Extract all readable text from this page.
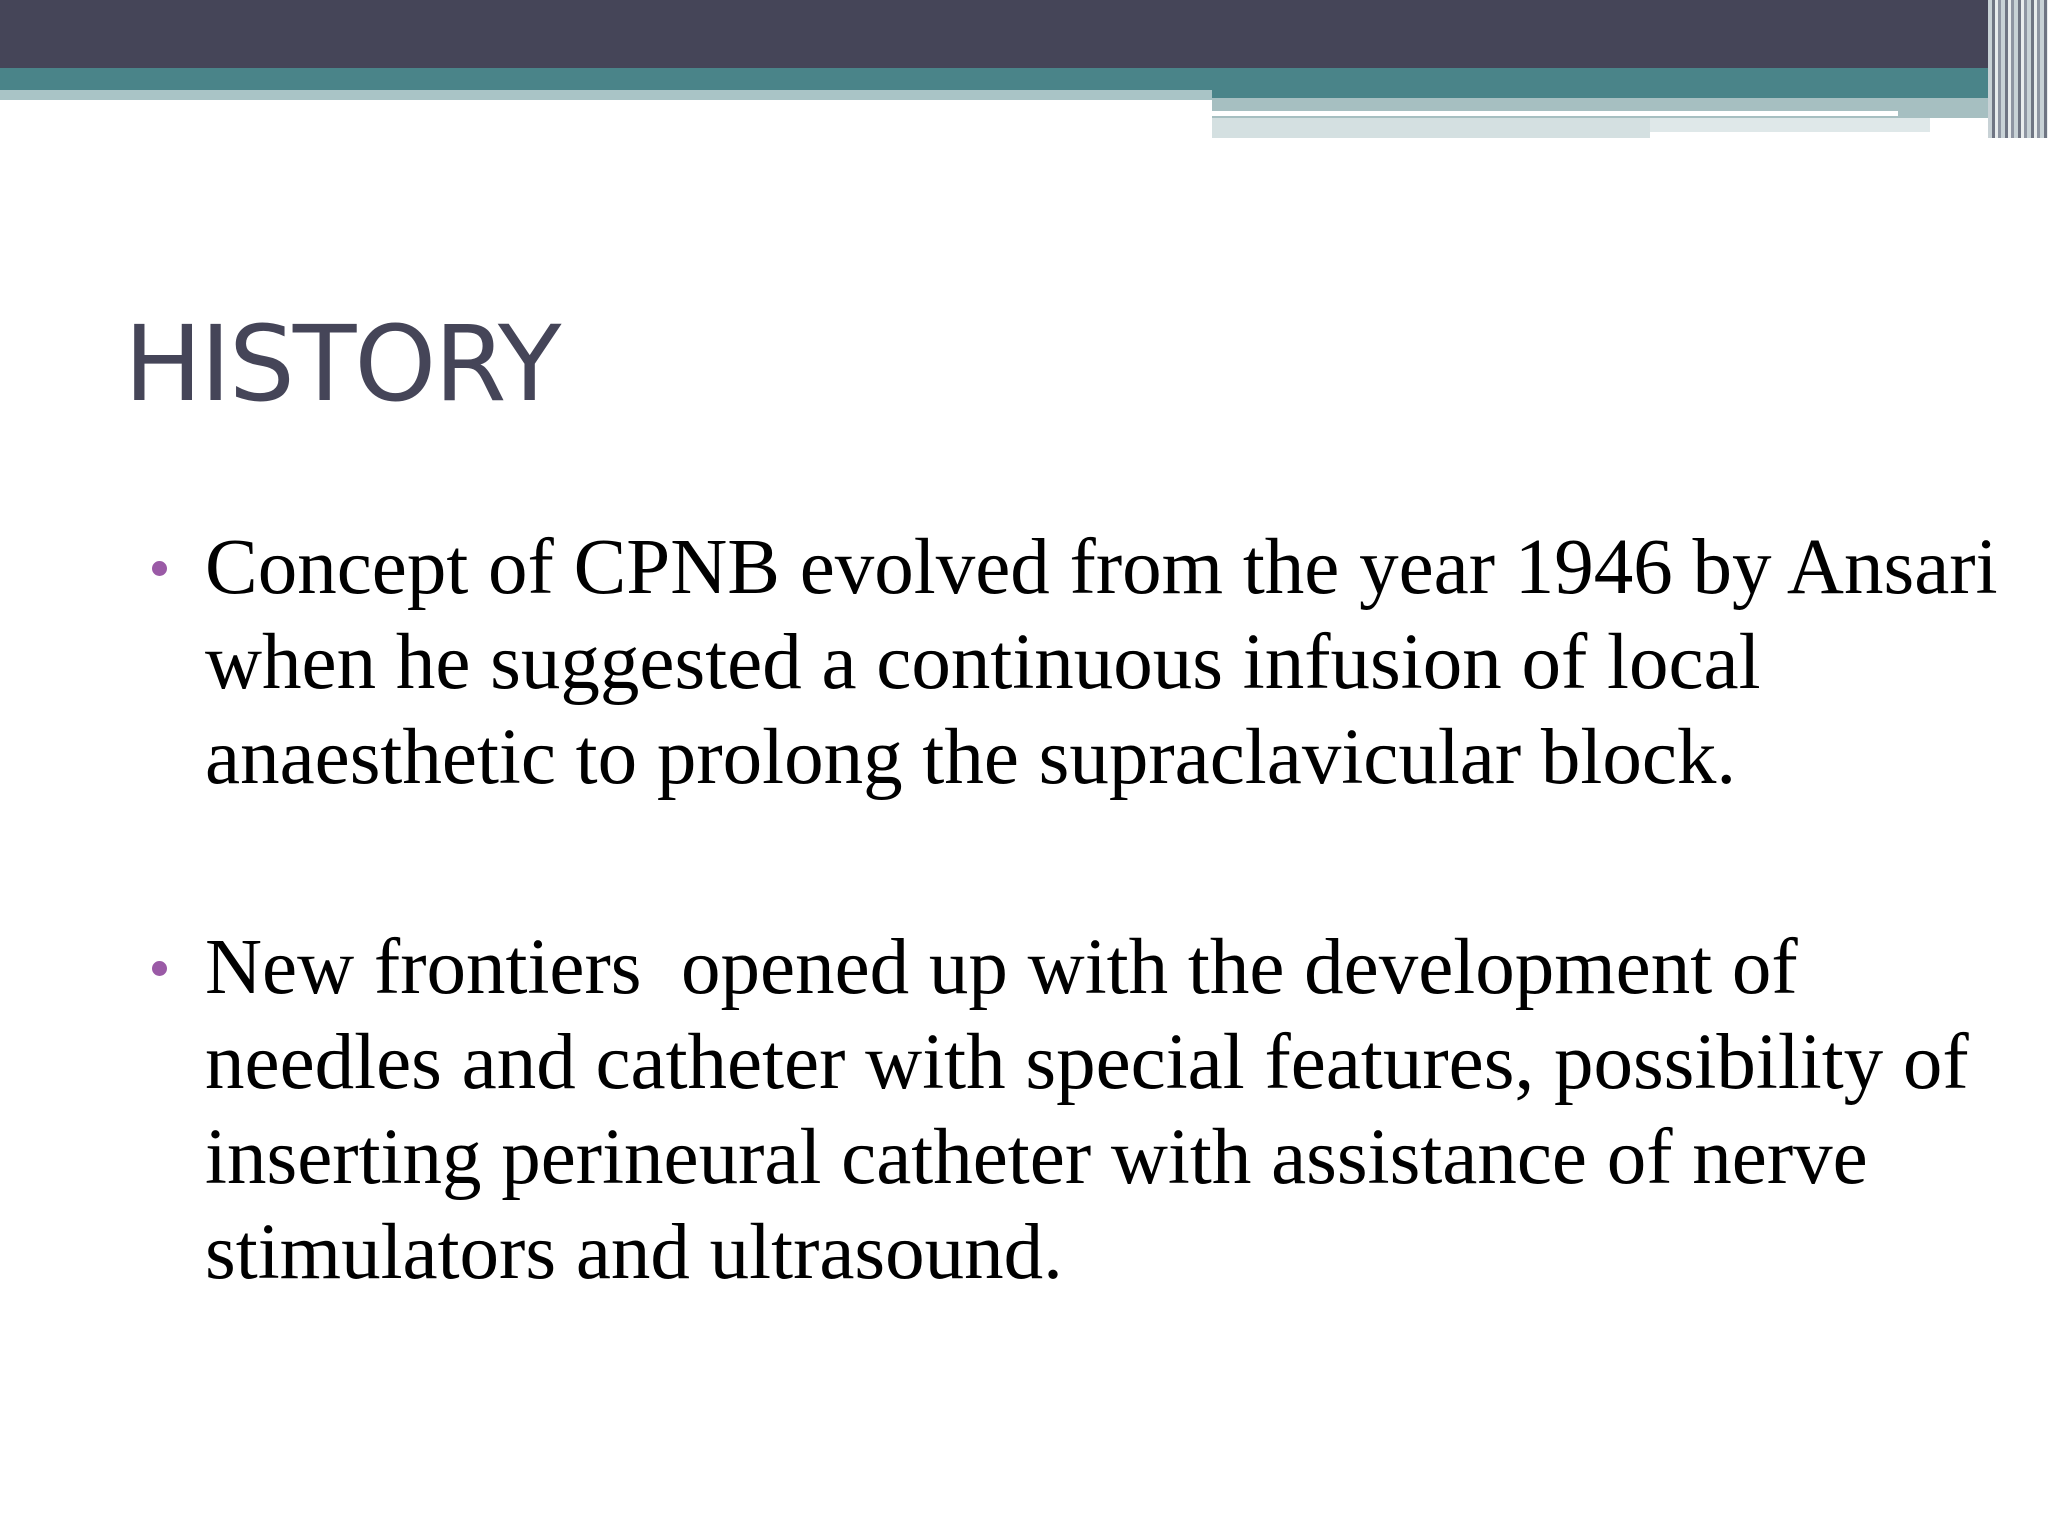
HISTORY
Concept of CPNB evolved from the year 1946 by Ansari when he suggested a continuous infusion of local anaesthetic to prolong the supraclavicular block.
New frontiers  opened up with the development of needles and catheter with special features, possibility of inserting perineural catheter with assistance of nerve stimulators and ultrasound.
